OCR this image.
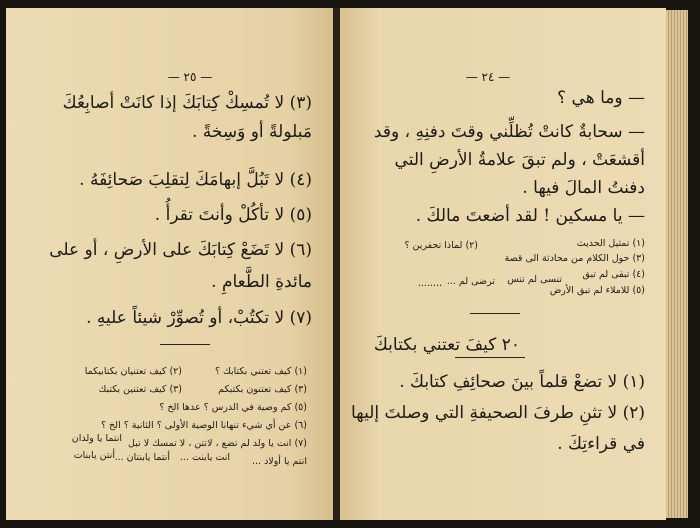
— ٢٥ —
(٣) لا تُمسِكْ كِتابَكَ إذا كانَتْ أصابِعُكَ
مَبلولةً أو وَسِخةً .
(٤) لا تَبُلَّ إبهامَكَ لِتقلِبَ صَحائِفَهُ .
(٥) لا تأكُلْ وأنتَ تقرأُ .
(٦) لا تَضَعْ كِتابَكَ على الأرضِ ، أو على
مائدةِ الطَّعامِ .
(٧) لا تكتُبْ، أو تُصوِّرْ شيئاً عليهِ .
(١) كيف تعتني بكتابك ؟
(٢) كيف تعتنيان بكتابيكما
(٣) كيف تعتنون بكتبكم
(٣) كيف تعتنين بكتبك
(٥) كم وصية في الدرس ؟ عدها الخ ؟
(٦) عن أي شيء تنهانا الوصية الأولى ؟ الثانية ؟ الخ ؟
(٧) انت يا ولد لم تضع ، لاتتن ، لا تمسك لا تبل
انتما يا ولدان
انتم يا أولاد ...
انت يابنت ...
أنتما يابنتان ...
أنتن يابنات
— ٢٤ —
— وما هي ؟
— سحابةٌ كانتْ تُظلِّني وقتَ دفنِهِ ، وقد
أقشعَتْ ، ولم تبقَ علامةُ الأرضِ التي
دفنتُ المالَ فيها .
— يا مسكين ! لقد أضعتَ مالكَ .
(١) تمثيل الحديث
(٢) لماذا تحفرين ؟
(٣) حول الكلام من محادثة الى قصة
(٤) تبقى لم تبق
تنسى لم تنس
ترضى لم ...
........
(٥) للاملاء لم تبق الأرض
٢٠ كيفَ تعتني بكتابكَ
(١) لا تضعْ قلماً بينَ صحائِفِ كتابكَ .
(٢) لا تثنِ طرفَ الصحيفةِ التي وصلتَ إليها
في قراءتِكَ .
